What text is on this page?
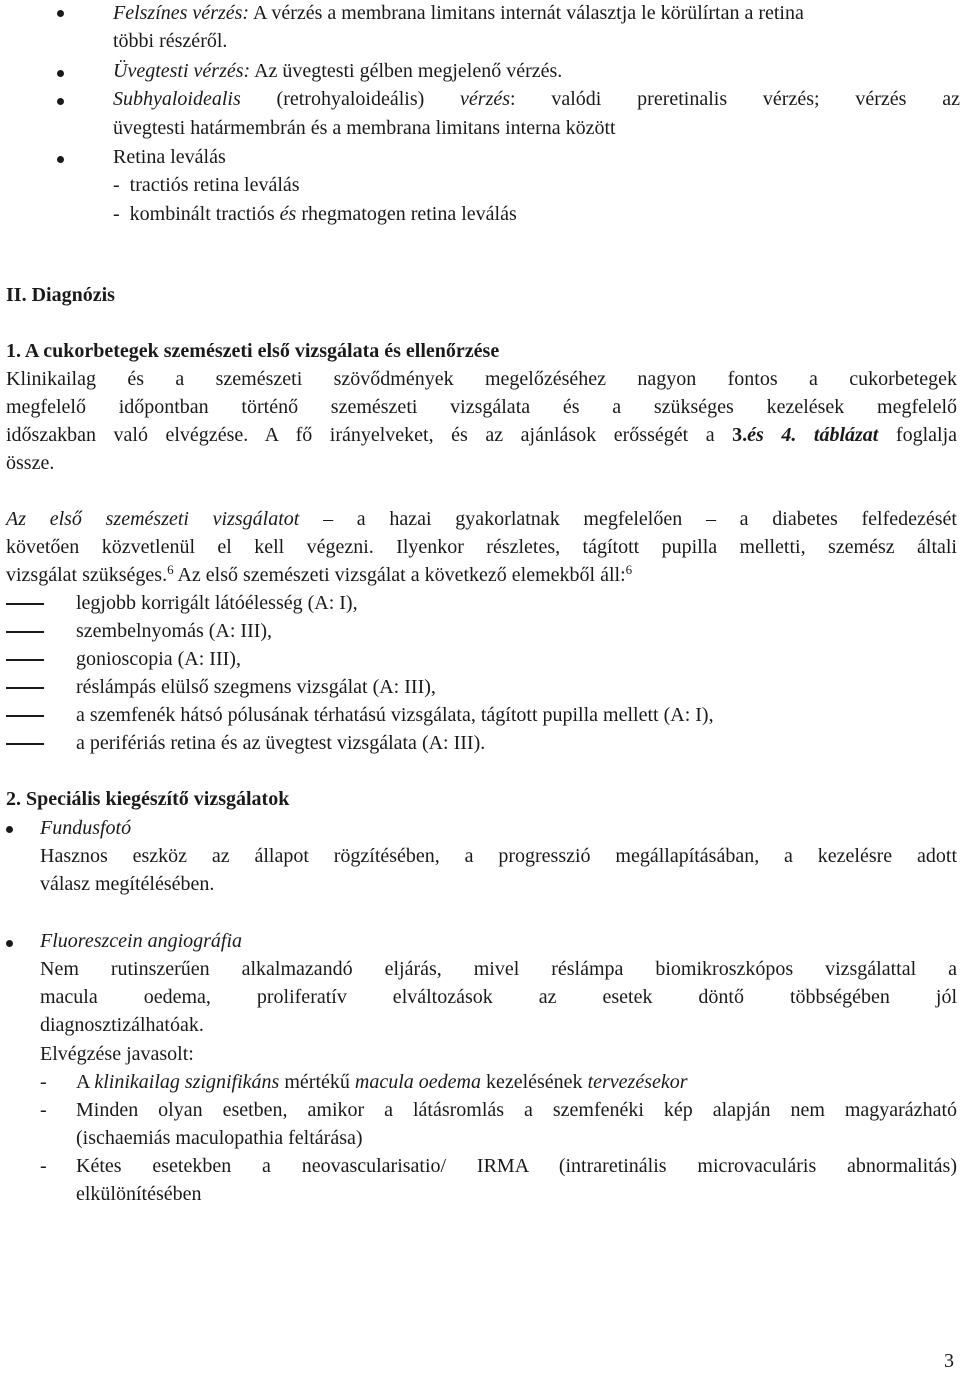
Felszínes vérzés: A vérzés a membrana limitans internát választja le körülírtan a retina
többi részéről.
Üvegtesti vérzés: Az üvegtesti gélben megjelenő vérzés.
Subhyaloidealis (retrohyaloideális) vérzés: valódi preretinalis vérzés; vérzés az
üvegtesti határmembrán és a membrana limitans interna között
Retina leválás
-  tractiós retina leválás
-  kombinált tractiós és rhegmatogen retina leválás
II. Diagnózis
1. A cukorbetegek szemészeti első vizsgálata és ellenőrzése
Klinikailag és a szemészeti szövődmények megelőzéséhez nagyon fontos a cukorbetegek
megfelelő időpontban történő szemészeti vizsgálata és a szükséges kezelések megfelelő
időszakban való elvégzése. A fő irányelveket, és az ajánlások erősségét a 3.és 4. táblázat foglalja
össze.
Az első szemészeti vizsgálatot – a hazai gyakorlatnak megfelelően – a diabetes felfedezését
követően közvetlenül el kell végezni. Ilyenkor részletes, tágított pupilla melletti, szemész általi
vizsgálat szükséges.$^6$ Az első szemészeti vizsgálat a következő elemekből áll:$^6$
legjobb korrigált látóélesség (A: I),
szembelnyomás (A: III),
gonioscopia (A: III),
réslámpás elülső szegmens vizsgálat (A: III),
a szemfenék hátsó pólusának térhatású vizsgálata, tágított pupilla mellett (A: I),
a perifériás retina és az üvegtest vizsgálata (A: III).
2. Speciális kiegészítő vizsgálatok
Fundusfotó
Hasznos eszköz az állapot rögzítésében, a progresszió megállapításában, a kezelésre adott
válasz megítélésében.
Fluoreszcein angiográfia
Nem rutinszerűen alkalmazandó eljárás, mivel réslámpa biomikroszkópos vizsgálattal a
macula oedema, proliferatív elváltozások az esetek döntő többségében jól
diagnosztizálhatóak.
Elvégzése javasolt:
-	A klinikailag szignifikáns mértékű macula oedema kezelésének tervezésekor
-	Minden olyan esetben, amikor a látásromlás a szemfenéki kép alapján nem magyarázható
(ischaemiás maculopathia feltárása)
-	Kétes esetekben a neovascularisatio/ IRMA (intraretinális microvaculáris abnormalitás)
elkülönítésében
3
